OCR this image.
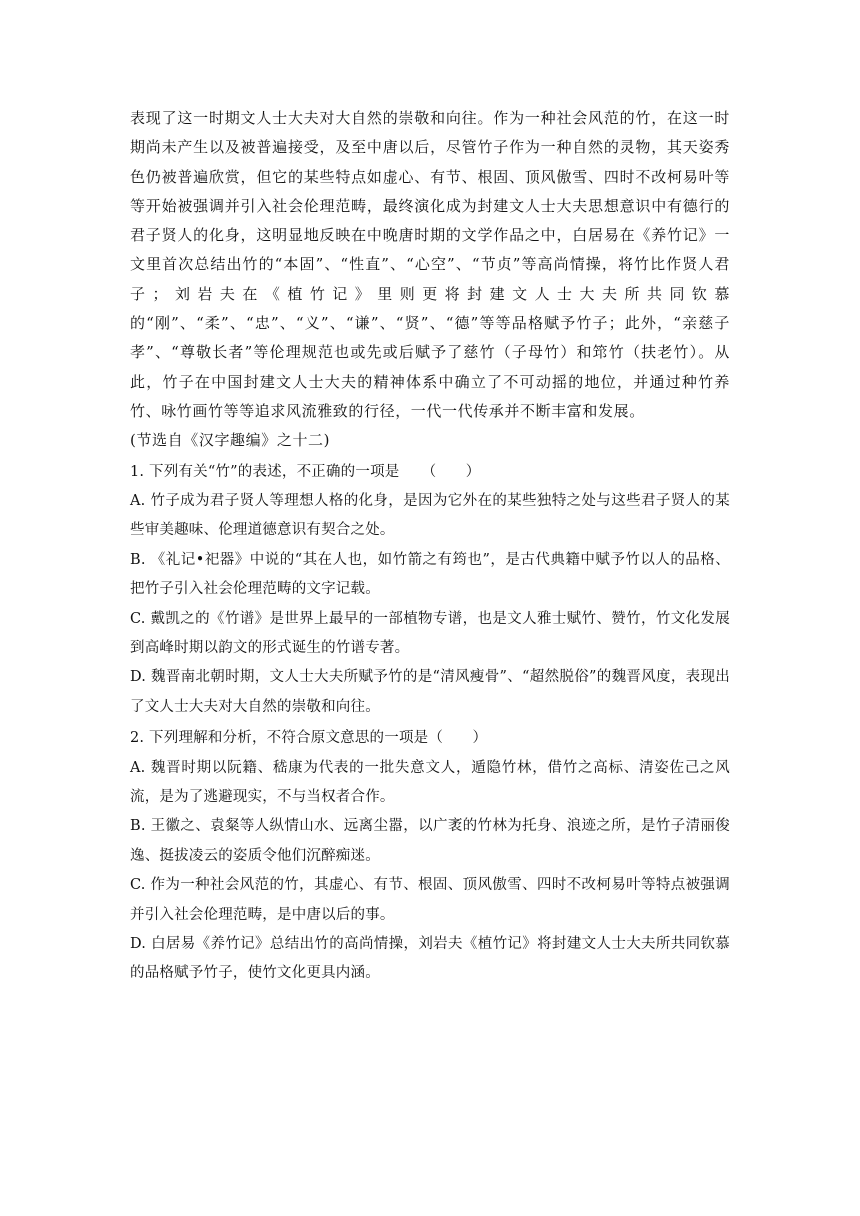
表现了这一时期文人士大夫对大自然的崇敬和向往。作为一种社会风范的竹，在这一时期尚未产生以及被普遍接受，及至中唐以后，尽管竹子作为一种自然的灵物，其天姿秀色仍被普遍欣赏，但它的某些特点如虚心、有节、根固、顶风傲雪、四时不改柯易叶等等开始被强调并引入社会伦理范畴，最终演化成为封建文人士大夫思想意识中有德行的君子贤人的化身，这明显地反映在中晚唐时期的文学作品之中，白居易在《养竹记》一文里首次总结出竹的“本固”、“性直”、“心空”、“节贞”等高尚情操，将竹比作贤人君子；刘岩夫在《植竹记》里则更将封建文人士大夫所共同钦慕的“刚”、“柔”、“忠”、“义”、“谦”、“贤”、“德”等等品格赋予竹子；此外，“亲慈子孝”、“尊敬长者”等伦理规范也或先或后赋予了慈竹（子母竹）和筇竹（扶老竹）。从此，竹子在中国封建文人士大夫的精神体系中确立了不可动摇的地位，并通过种竹养竹、咏竹画竹等等追求风流雅致的行径，一代一代传承并不断丰富和发展。

(节选自《汉字趣编》之十二)

1. 下列有关“竹”的表述，不正确的一项是　　（　　）

A. 竹子成为君子贤人等理想人格的化身，是因为它外在的某些独特之处与这些君子贤人的某些审美趣味、伦理道德意识有契合之处。

B. 《礼记•祀器》中说的“其在人也，如竹箭之有筠也”，是古代典籍中赋予竹以人的品格、把竹子引入社会伦理范畴的文字记载。

C. 戴凯之的《竹谱》是世界上最早的一部植物专谱，也是文人雅士赋竹、赞竹，竹文化发展到高峰时期以韵文的形式诞生的竹谱专著。

D. 魏晋南北朝时期，文人士大夫所赋予竹的是“清风瘦骨”、“超然脱俗”的魏晋风度，表现出了文人士大夫对大自然的崇敬和向往。

2. 下列理解和分析，不符合原文意思的一项是（　　）

A. 魏晋时期以阮籍、嵇康为代表的一批失意文人，遁隐竹林，借竹之高标、清姿佐己之风流，是为了逃避现实，不与当权者合作。

B. 王徽之、袁粲等人纵情山水、远离尘嚣，以广袤的竹林为托身、浪迹之所，是竹子清丽俊逸、挺拔凌云的姿质令他们沉醉痴迷。

C. 作为一种社会风范的竹，其虚心、有节、根固、顶风傲雪、四时不改柯易叶等特点被强调并引入社会伦理范畴，是中唐以后的事。

D. 白居易《养竹记》总结出竹的高尚情操，刘岩夫《植竹记》将封建文人士大夫所共同钦慕的品格赋予竹子，使竹文化更具内涵。
